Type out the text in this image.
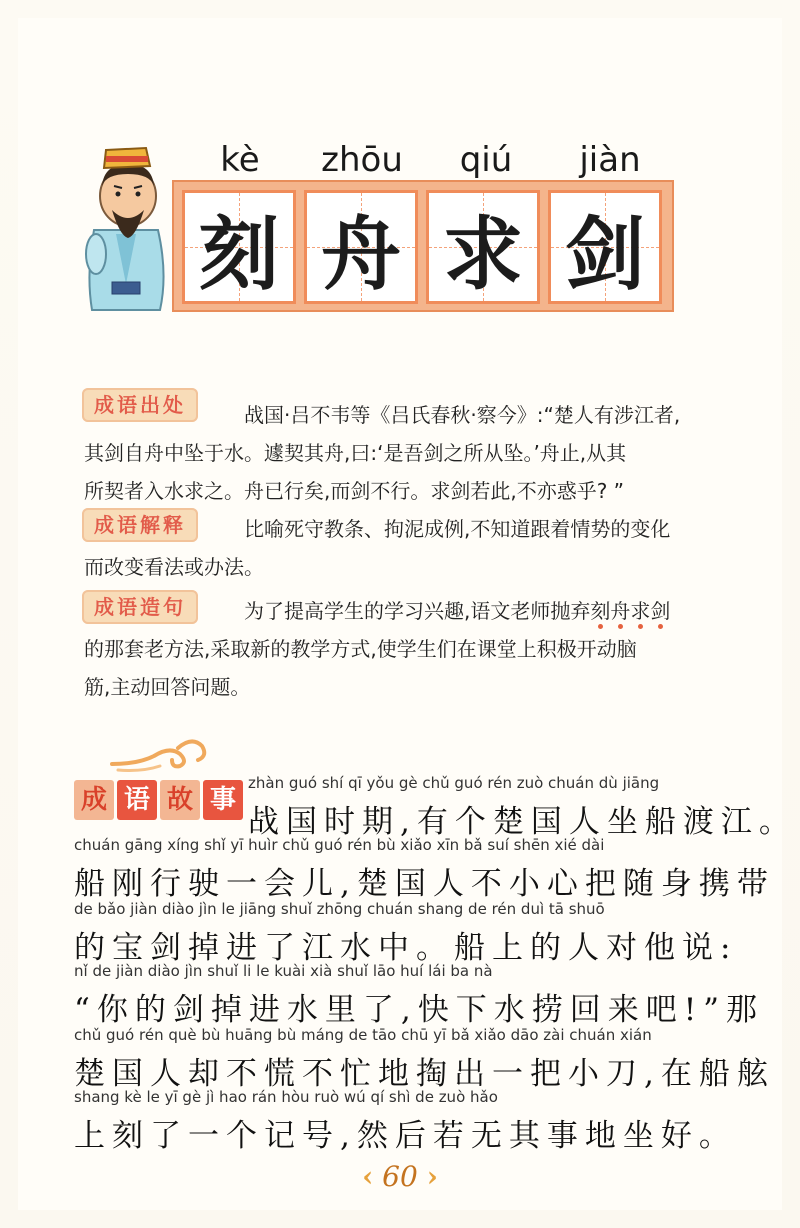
kè	zhōu	qiú	jiàn
刻 舟 求 剑
成语出处	战国·吕不韦等《吕氏春秋·察今》:“楚人有涉江者,
其剑自舟中坠于水。遽契其舟,曰:‘是吾剑之所从坠。’舟止,从其
所契者入水求之。舟已行矣,而剑不行。求剑若此,不亦惑乎? ”
成语解释	比喻死守教条、拘泥成例,不知道跟着情势的变化
而改变看法或办法。
成语造句	为了提高学生的学习兴趣,语文老师抛弃刻舟求剑
的那套老方法,采取新的教学方式,使学生们在课堂上积极开动脑
筋,主动回答问题。
成 语 故 事
zhàn guó shí qī yǒu gè chǔ guó rén zuò chuán dù jiāng
战国时期,有个楚国人坐船渡江。
chuán gāng xíng shǐ yī huìr chǔ guó rén bù xiǎo xīn bǎ suí shēn xié dài
船刚行驶一会儿,楚国人不小心把随身携带
de bǎo jiàn diào jìn le jiāng shuǐ zhōng chuán shang de rén duì tā shuō
的宝剑掉进了江水中。船上的人对他说:
nǐ de jiàn diào jìn shuǐ li le kuài xià shuǐ lāo huí lái ba nà
“你的剑掉进水里了,快下水捞回来吧!”那
chǔ guó rén què bù huāng bù máng de tāo chū yī bǎ xiǎo dāo zài chuán xián
楚国人却不慌不忙地掏出一把小刀,在船舷
shang kè le yī gè jì hao rán hòu ruò wú qí shì de zuò hǎo
上刻了一个记号,然后若无其事地坐好。
‹ 60 ›
